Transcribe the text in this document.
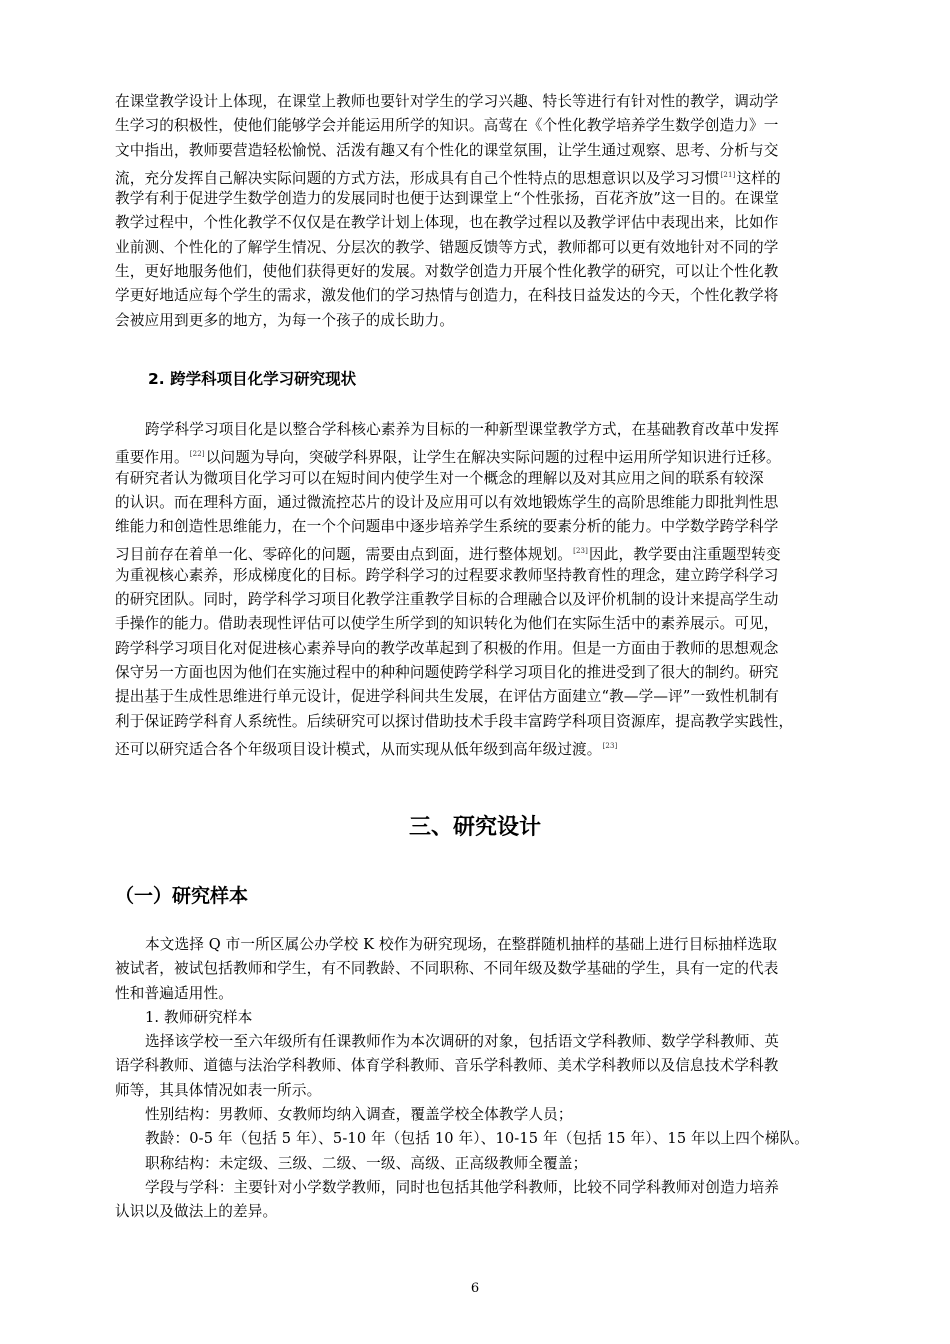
在课堂教学设计上体现，在课堂上教师也要针对学生的学习兴趣、特长等进行有针对性的教学，调动学
生学习的积极性，使他们能够学会并能运用所学的知识。高莺在《个性化教学培养学生数学创造力》一
文中指出，教师要营造轻松愉悦、活泼有趣又有个性化的课堂氛围，让学生通过观察、思考、分析与交
流，充分发挥自己解决实际问题的方式方法，形成具有自己个性特点的思想意识以及学习习惯[21]这样的
教学有利于促进学生数学创造力的发展同时也便于达到课堂上“个性张扬，百花齐放”这一目的。在课堂
教学过程中，个性化教学不仅仅是在教学计划上体现，也在教学过程以及教学评估中表现出来，比如作
业前测、个性化的了解学生情况、分层次的教学、错题反馈等方式，教师都可以更有效地针对不同的学
生，更好地服务他们，使他们获得更好的发展。对数学创造力开展个性化教学的研究，可以让个性化教
学更好地适应每个学生的需求，激发他们的学习热情与创造力，在科技日益发达的今天，个性化教学将
会被应用到更多的地方，为每一个孩子的成长助力。

2. 跨学科项目化学习研究现状

跨学科学习项目化是以整合学科核心素养为目标的一种新型课堂教学方式，在基础教育改革中发挥
重要作用。[22]以问题为导向，突破学科界限，让学生在解决实际问题的过程中运用所学知识进行迁移。
有研究者认为微项目化学习可以在短时间内使学生对一个概念的理解以及对其应用之间的联系有较深
的认识。而在理科方面，通过微流控芯片的设计及应用可以有效地锻炼学生的高阶思维能力即批判性思
维能力和创造性思维能力，在一个个问题串中逐步培养学生系统的要素分析的能力。中学数学跨学科学
习目前存在着单一化、零碎化的问题，需要由点到面，进行整体规划。[23]因此，教学要由注重题型转变
为重视核心素养，形成梯度化的目标。跨学科学习的过程要求教师坚持教育性的理念，建立跨学科学习
的研究团队。同时，跨学科学习项目化教学注重教学目标的合理融合以及评价机制的设计来提高学生动
手操作的能力。借助表现性评估可以使学生所学到的知识转化为他们在实际生活中的素养展示。可见，
跨学科学习项目化对促进核心素养导向的教学改革起到了积极的作用。但是一方面由于教师的思想观念
保守另一方面也因为他们在实施过程中的种种问题使跨学科学习项目化的推进受到了很大的制约。研究
提出基于生成性思维进行单元设计，促进学科间共生发展，在评估方面建立“教—学—评”一致性机制有
利于保证跨学科育人系统性。后续研究可以探讨借助技术手段丰富跨学科项目资源库，提高教学实践性，
还可以研究适合各个年级项目设计模式，从而实现从低年级到高年级过渡。[23]

三、研究设计

（一）研究样本

本文选择 Q 市一所区属公办学校 K 校作为研究现场，在整群随机抽样的基础上进行目标抽样选取
被试者，被试包括教师和学生，有不同教龄、不同职称、不同年级及数学基础的学生，具有一定的代表
性和普遍适用性。
1. 教师研究样本
选择该学校一至六年级所有任课教师作为本次调研的对象，包括语文学科教师、数学学科教师、英
语学科教师、道德与法治学科教师、体育学科教师、音乐学科教师、美术学科教师以及信息技术学科教
师等，其具体情况如表一所示。
性别结构：男教师、女教师均纳入调查，覆盖学校全体教学人员；
教龄：0-5 年（包括 5 年）、5-10 年（包括 10 年）、10-15 年（包括 15 年）、15 年以上四个梯队。
职称结构：未定级、三级、二级、一级、高级、正高级教师全覆盖；
学段与学科：主要针对小学数学教师，同时也包括其他学科教师，比较不同学科教师对创造力培养
认识以及做法上的差异。

6
